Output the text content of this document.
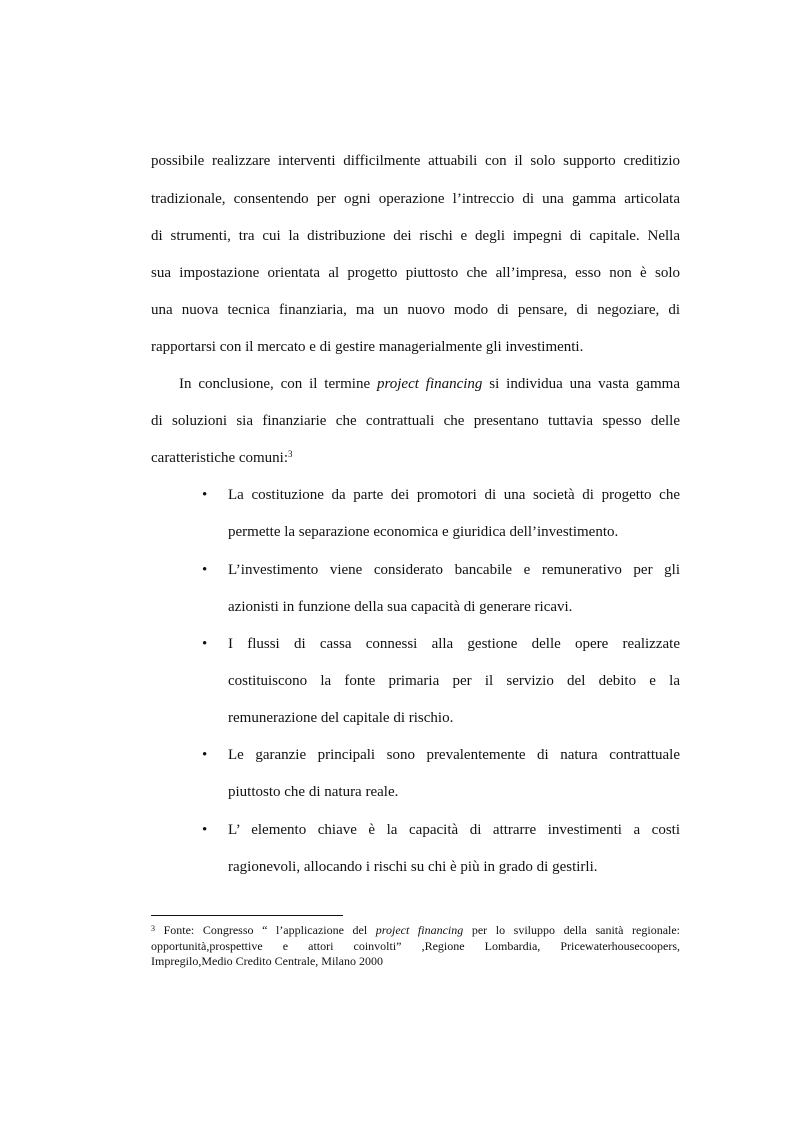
possibile realizzare interventi difficilmente attuabili con il solo supporto creditizio
tradizionale, consentendo per ogni operazione l’intreccio di una gamma articolata
di strumenti, tra cui la distribuzione dei rischi e degli impegni di capitale. Nella
sua impostazione orientata al progetto piuttosto che all’impresa, esso non è solo
una nuova tecnica finanziaria, ma un nuovo modo di pensare, di negoziare, di
rapportarsi con il mercato e di gestire managerialmente gli investimenti.
In conclusione, con il termine project financing si individua una vasta gamma
di soluzioni sia finanziarie che contrattuali che presentano tuttavia spesso delle
caratteristiche comuni:$^3$
•	La costituzione da parte dei promotori di una società di progetto che
permette la separazione economica e giuridica dell’investimento.
•	L’investimento viene considerato bancabile e remunerativo per gli
azionisti in funzione della sua capacità di generare ricavi.
•	I flussi di cassa connessi alla gestione delle opere realizzate
costituiscono la fonte primaria per il servizio del debito e la
remunerazione del capitale di rischio.
•	Le garanzie principali sono prevalentemente di natura contrattuale
piuttosto che di natura reale.
•	L’ elemento chiave è la capacità di attrarre investimenti a costi
ragionevoli, allocando i rischi su chi è più in grado di gestirli.
$^3$ Fonte: Congresso “ l’applicazione del project financing per lo sviluppo della sanità regionale:
opportunità,prospettive e attori coinvolti” ,Regione Lombardia, Pricewaterhousecoopers,
Impregilo,Medio Credito Centrale, Milano 2000
